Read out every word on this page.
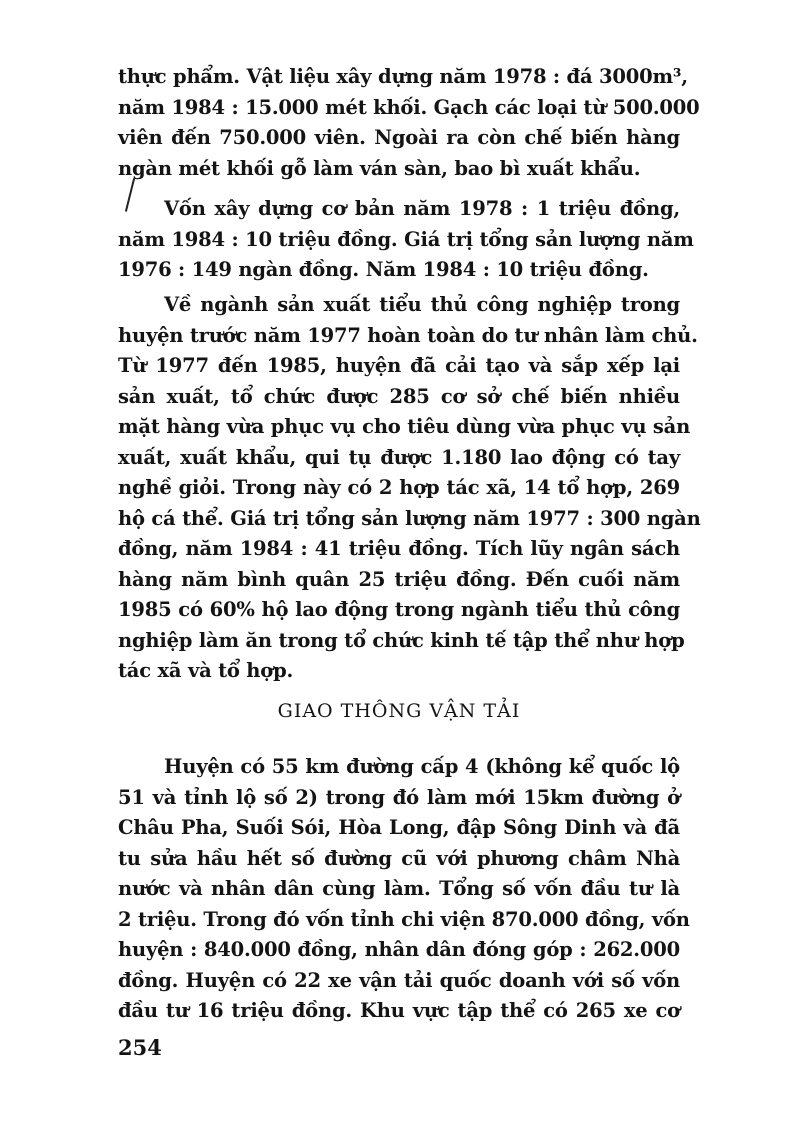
thực phẩm. Vật liệu xây dựng năm 1978 : đá 3000m³,
năm 1984 : 15.000 mét khối. Gạch các loại từ 500.000
viên đến 750.000 viên. Ngoài ra còn chế biến hàng
ngàn mét khối gỗ làm ván sàn, bao bì xuất khẩu.

Vốn xây dựng cơ bản năm 1978 : 1 triệu đồng,
năm 1984 : 10 triệu đồng. Giá trị tổng sản lượng năm
1976 : 149 ngàn đồng. Năm 1984 : 10 triệu đồng.

Về ngành sản xuất tiểu thủ công nghiệp trong
huyện trước năm 1977 hoàn toàn do tư nhân làm chủ.
Từ 1977 đến 1985, huyện đã cải tạo và sắp xếp lại
sản xuất, tổ chức được 285 cơ sở chế biến nhiều
mặt hàng vừa phục vụ cho tiêu dùng vừa phục vụ sản
xuất, xuất khẩu, qui tụ được 1.180 lao động có tay
nghề giỏi. Trong này có 2 hợp tác xã, 14 tổ hợp, 269
hộ cá thể. Giá trị tổng sản lượng năm 1977 : 300 ngàn
đồng, năm 1984 : 41 triệu đồng. Tích lũy ngân sách
hàng năm bình quân 25 triệu đồng. Đến cuối năm
1985 có 60% hộ lao động trong ngành tiểu thủ công
nghiệp làm ăn trong tổ chức kinh tế tập thể như hợp
tác xã và tổ hợp.

GIAO THÔNG VẬN TẢI

Huyện có 55 km đường cấp 4 (không kể quốc lộ
51 và tỉnh lộ số 2) trong đó làm mới 15km đường ở
Châu Pha, Suối Sói, Hòa Long, đập Sông Dinh và đã
tu sửa hầu hết số đường cũ với phương châm Nhà
nước và nhân dân cùng làm. Tổng số vốn đầu tư là
2 triệu. Trong đó vốn tỉnh chi viện 870.000 đồng, vốn
huyện : 840.000 đồng, nhân dân đóng góp : 262.000
đồng. Huyện có 22 xe vận tải quốc doanh với số vốn
đầu tư 16 triệu đồng. Khu vực tập thể có 265 xe cơ

254
